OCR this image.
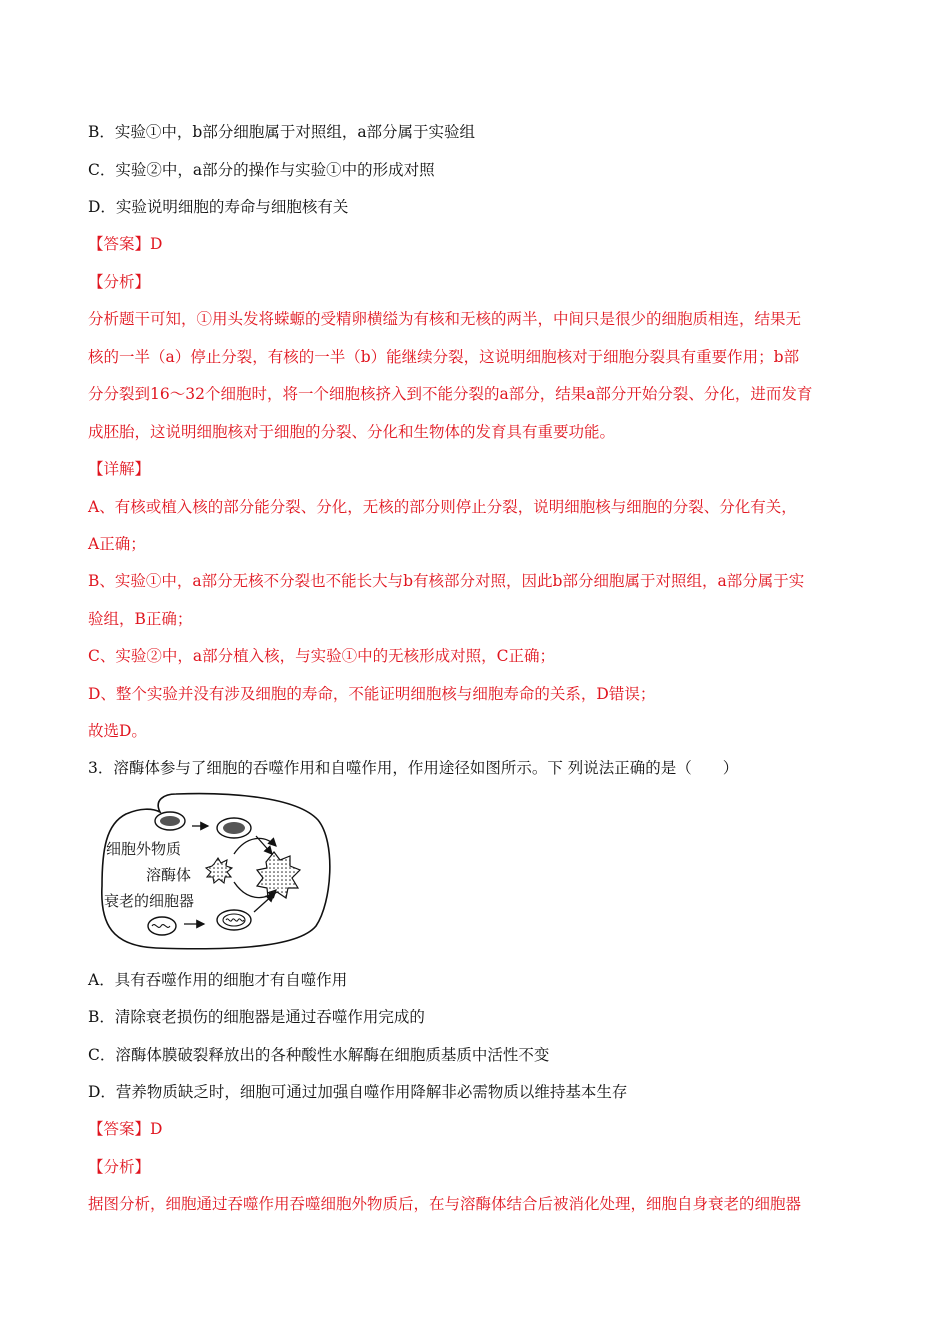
B．实验①中，b部分细胞属于对照组，a部分属于实验组
C．实验②中，a部分的操作与实验①中的形成对照
D．实验说明细胞的寿命与细胞核有关
【答案】D
【分析】
分析题干可知，①用头发将蝾螈的受精卵横缢为有核和无核的两半，中间只是很少的细胞质相连，结果无
核的一半（a）停止分裂，有核的一半（b）能继续分裂，这说明细胞核对于细胞分裂具有重要作用；b部
分分裂到16～32个细胞时，将一个细胞核挤入到不能分裂的a部分，结果a部分开始分裂、分化，进而发育
成胚胎，这说明细胞核对于细胞的分裂、分化和生物体的发育具有重要功能。
【详解】
A、有核或植入核的部分能分裂、分化，无核的部分则停止分裂，说明细胞核与细胞的分裂、分化有关，
A正确；
B、实验①中，a部分无核不分裂也不能长大与b有核部分对照，因此b部分细胞属于对照组，a部分属于实
验组，B正确；
C、实验②中，a部分植入核，与实验①中的无核形成对照，C正确；
D、整个实验并没有涉及细胞的寿命，不能证明细胞核与细胞寿命的关系，D错误；
故选D。
3．溶酶体参与了细胞的吞噬作用和自噬作用，作用途径如图所示。下 列说法正确的是（　　）
细胞外物质
溶酶体
衰老的细胞器
A．具有吞噬作用的细胞才有自噬作用
B．清除衰老损伤的细胞器是通过吞噬作用完成的
C．溶酶体膜破裂释放出的各种酸性水解酶在细胞质基质中活性不变
D．营养物质缺乏时，细胞可通过加强自噬作用降解非必需物质以维持基本生存
【答案】D
【分析】
据图分析，细胞通过吞噬作用吞噬细胞外物质后，在与溶酶体结合后被消化处理，细胞自身衰老的细胞器
